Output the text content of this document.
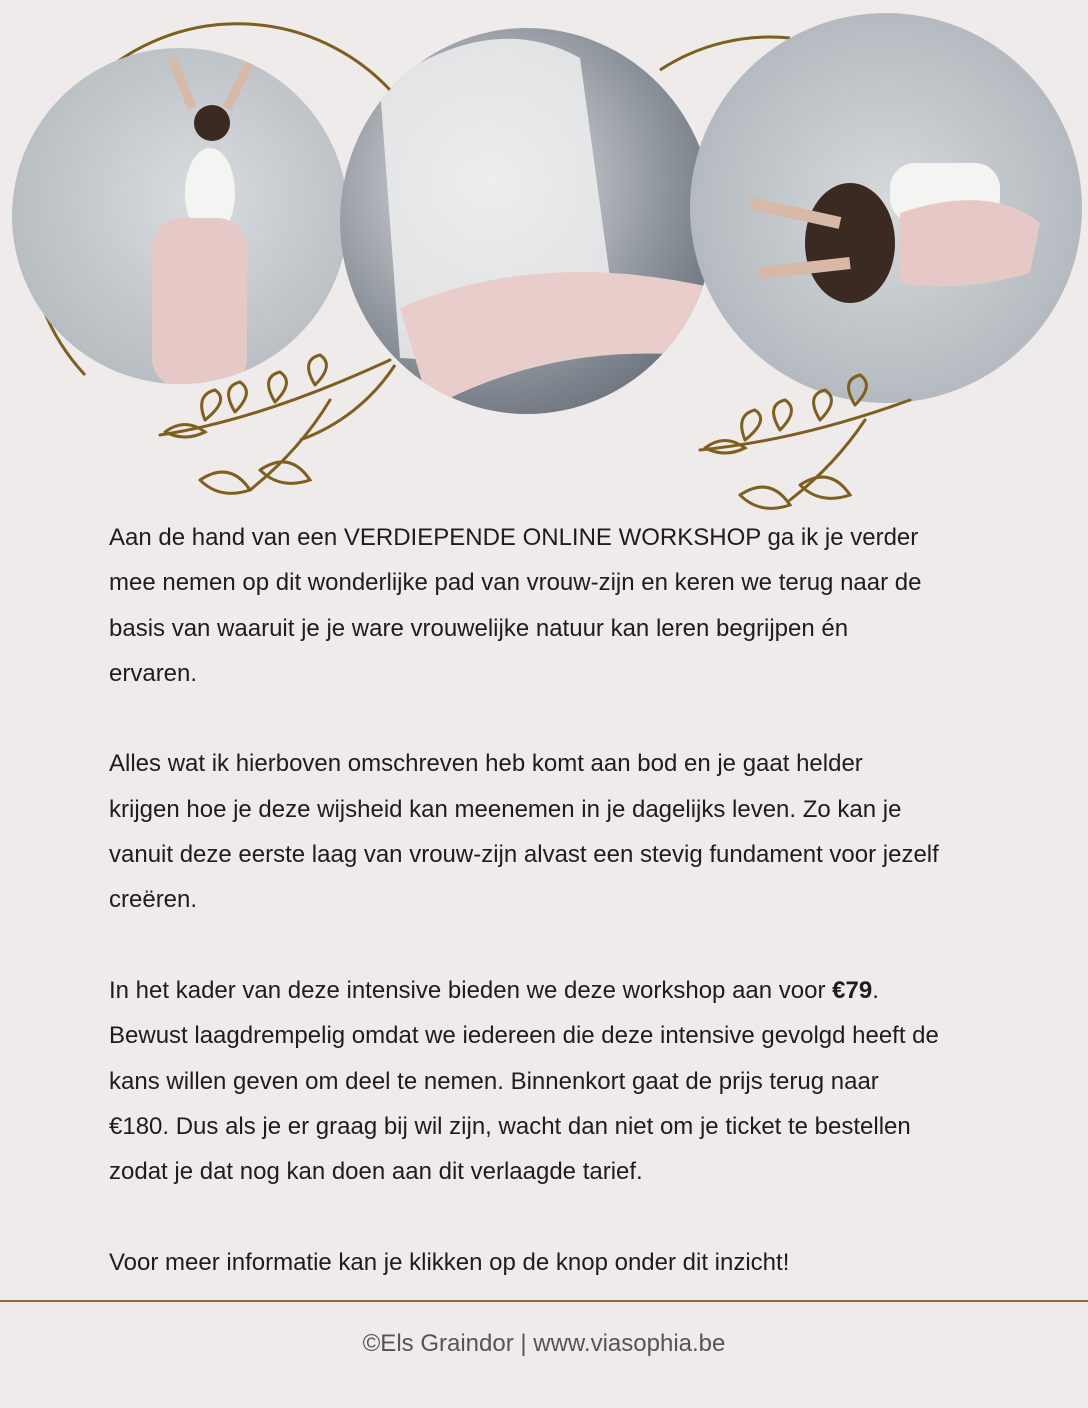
Aan de hand van een VERDIEPENDE ONLINE WORKSHOP ga ik je verder
mee nemen op dit wonderlijke pad van vrouw-zijn en keren we terug naar de
basis van waaruit je je ware vrouwelijke natuur kan leren begrijpen én
ervaren.

Alles wat ik hierboven omschreven heb komt aan bod en je gaat helder
krijgen hoe je deze wijsheid kan meenemen in je dagelijks leven. Zo kan je
vanuit deze eerste laag van vrouw-zijn alvast een stevig fundament voor jezelf
creëren.

In het kader van deze intensive bieden we deze workshop aan voor €79.
Bewust laagdrempelig omdat we iedereen die deze intensive gevolgd heeft de
kans willen geven om deel te nemen. Binnenkort gaat de prijs terug naar
€180. Dus als je er graag bij wil zijn, wacht dan niet om je ticket te bestellen
zodat je dat nog kan doen aan dit verlaagde tarief.

Voor meer informatie kan je klikken op de knop onder dit inzicht!

©Els Graindor | www.viasophia.be
